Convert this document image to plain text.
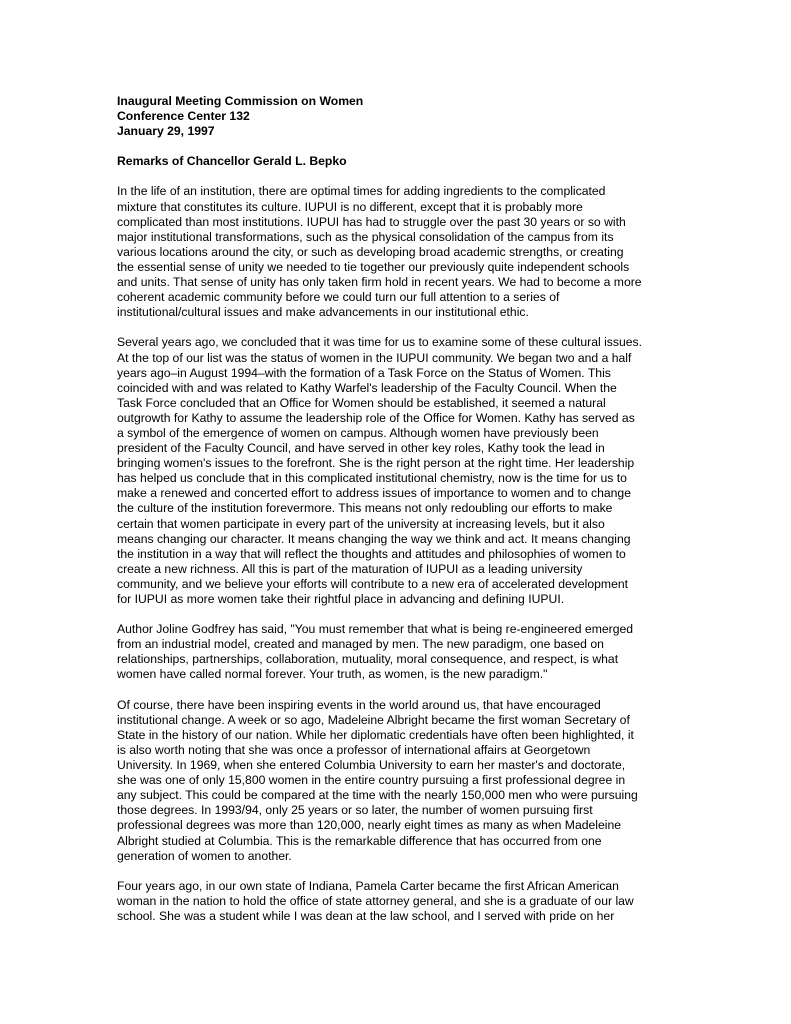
Inaugural Meeting Commission on Women

Conference Center 132

January 29, 1997

Remarks of Chancellor Gerald L. Bepko

In the life of an institution, there are optimal times for adding ingredients to the complicated
mixture that constitutes its culture. IUPUI is no different, except that it is probably more
complicated than most institutions. IUPUI has had to struggle over the past 30 years or so with
major institutional transformations, such as the physical consolidation of the campus from its
various locations around the city, or such as developing broad academic strengths, or creating
the essential sense of unity we needed to tie together our previously quite independent schools
and units. That sense of unity has only taken firm hold in recent years. We had to become a more
coherent academic community before we could turn our full attention to a series of
institutional/cultural issues and make advancements in our institutional ethic.

Several years ago, we concluded that it was time for us to examine some of these cultural issues.
At the top of our list was the status of women in the IUPUI community. We began two and a half
years ago–in August 1994–with the formation of a Task Force on the Status of Women. This
coincided with and was related to Kathy Warfel's leadership of the Faculty Council. When the
Task Force concluded that an Office for Women should be established, it seemed a natural
outgrowth for Kathy to assume the leadership role of the Office for Women. Kathy has served as
a symbol of the emergence of women on campus. Although women have previously been
president of the Faculty Council, and have served in other key roles, Kathy took the lead in
bringing women's issues to the forefront. She is the right person at the right time. Her leadership
has helped us conclude that in this complicated institutional chemistry, now is the time for us to
make a renewed and concerted effort to address issues of importance to women and to change
the culture of the institution forevermore. This means not only redoubling our efforts to make
certain that women participate in every part of the university at increasing levels, but it also
means changing our character. It means changing the way we think and act. It means changing
the institution in a way that will reflect the thoughts and attitudes and philosophies of women to
create a new richness. All this is part of the maturation of IUPUI as a leading university
community, and we believe your efforts will contribute to a new era of accelerated development
for IUPUI as more women take their rightful place in advancing and defining IUPUI.

Author Joline Godfrey has said, "You must remember that what is being re-engineered emerged
from an industrial model, created and managed by men. The new paradigm, one based on
relationships, partnerships, collaboration, mutuality, moral consequence, and respect, is what
women have called normal forever. Your truth, as women, is the new paradigm."

Of course, there have been inspiring events in the world around us, that have encouraged
institutional change. A week or so ago, Madeleine Albright became the first woman Secretary of
State in the history of our nation. While her diplomatic credentials have often been highlighted, it
is also worth noting that she was once a professor of international affairs at Georgetown
University. In 1969, when she entered Columbia University to earn her master's and doctorate,
she was one of only 15,800 women in the entire country pursuing a first professional degree in
any subject. This could be compared at the time with the nearly 150,000 men who were pursuing
those degrees. In 1993/94, only 25 years or so later, the number of women pursuing first
professional degrees was more than 120,000, nearly eight times as many as when Madeleine
Albright studied at Columbia. This is the remarkable difference that has occurred from one
generation of women to another.

Four years ago, in our own state of Indiana, Pamela Carter became the first African American
woman in the nation to hold the office of state attorney general, and she is a graduate of our law
school. She was a student while I was dean at the law school, and I served with pride on her
